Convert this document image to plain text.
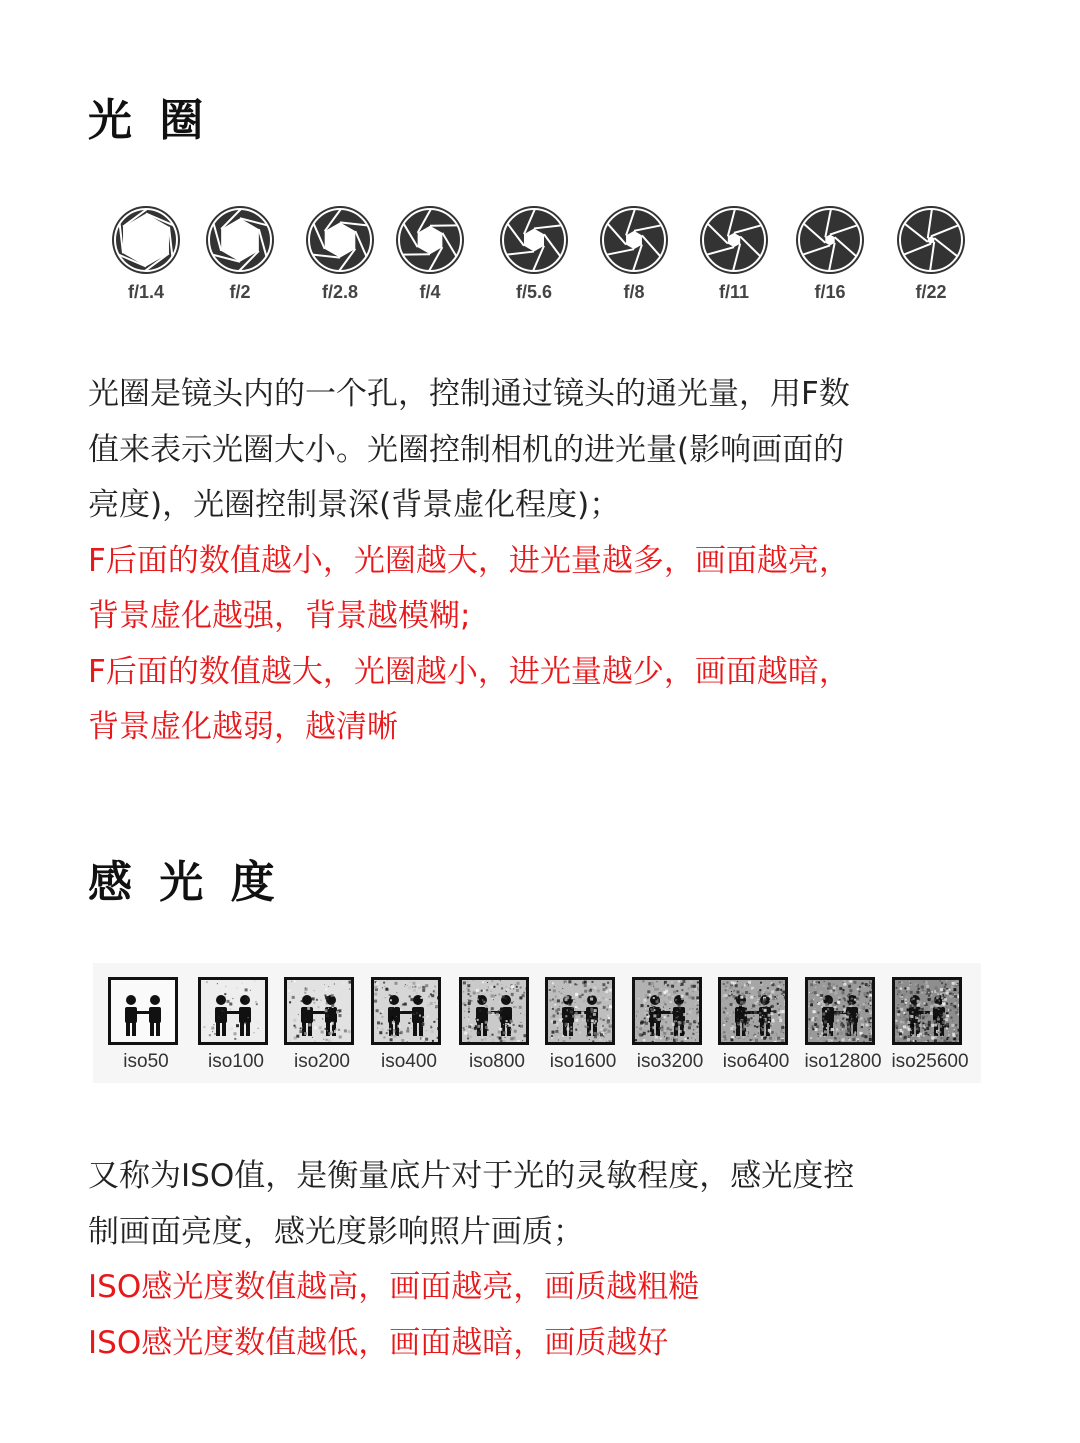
光 圈
f/1.4	f/2	f/2.8	f/4	f/5.6	f/8	f/11	f/16	f/22
光圈是镜头内的一个孔，控制通过镜头的通光量，用F数
值来表示光圈大小。光圈控制相机的进光量(影响画面的
亮度)，光圈控制景深(背景虚化程度)；
F后面的数值越小，光圈越大，进光量越多，画面越亮，
背景虚化越强，背景越模糊;
F后面的数值越大，光圈越小，进光量越少，画面越暗，
背景虚化越弱，越清晰
感 光 度
iso50	iso100	iso200	iso400	iso800	iso1600	iso3200	iso6400 iso12800 iso25600
又称为ISO值，是衡量底片对于光的灵敏程度，感光度控
制画面亮度，感光度影响照片画质；
ISO感光度数值越高，画面越亮，画质越粗糙
ISO感光度数值越低，画面越暗，画质越好
